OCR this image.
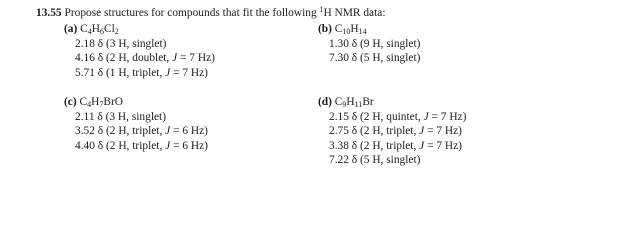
13.55 Propose structures for compounds that fit the following $^1$H NMR data:
(a) $C_4H_6Cl_2$
2.18 δ (3 H, singlet)
4.16 δ (2 H, doublet, J = 7 Hz)
5.71 δ (1 H, triplet, J = 7 Hz)
(b) $C_{10}H_{14}$
1.30 δ (9 H, singlet)
7.30 δ (5 H, singlet)
(c) $C_4H_7BrO$
2.11 δ (3 H, singlet)
3.52 δ (2 H, triplet, J = 6 Hz)
4.40 δ (2 H, triplet, J = 6 Hz)
(d) $C_9H_{11}Br$
2.15 δ (2 H, quintet, J = 7 Hz)
2.75 δ (2 H, triplet, J = 7 Hz)
3.38 δ (2 H, triplet, J = 7 Hz)
7.22 δ (5 H, singlet)
